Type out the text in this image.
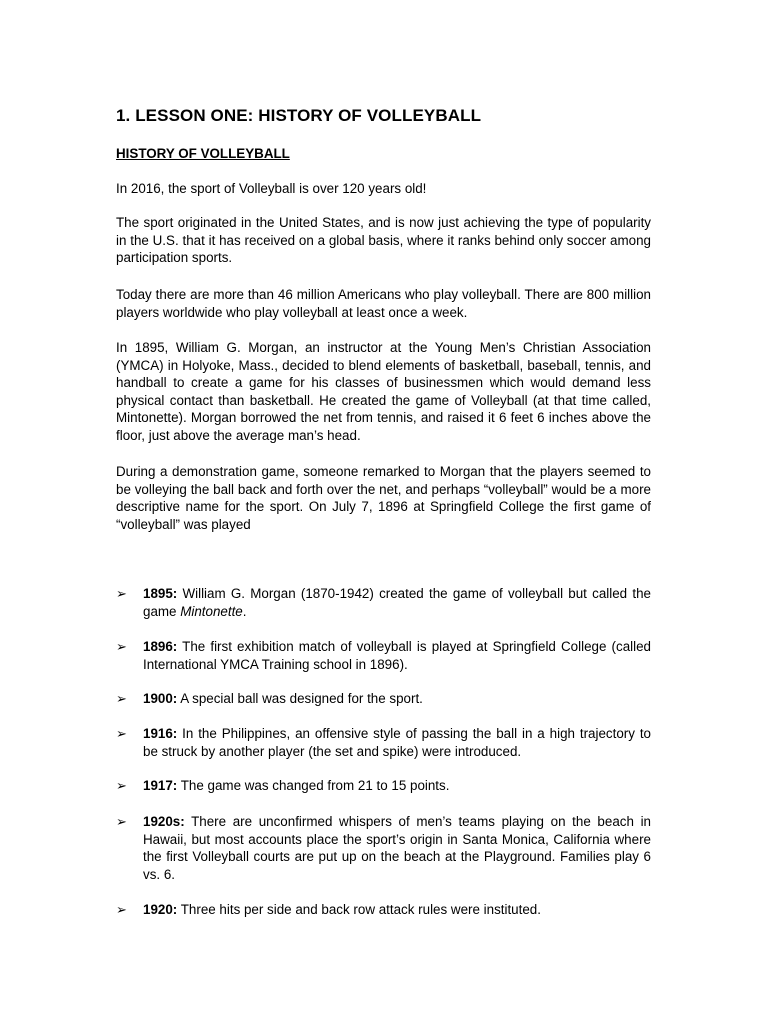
1. LESSON ONE: HISTORY OF VOLLEYBALL
HISTORY OF VOLLEYBALL

In 2016, the sport of Volleyball is over 120 years old!

The sport originated in the United States, and is now just achieving the type of popularity in the U.S. that it has received on a global basis, where it ranks behind only soccer among participation sports.

Today there are more than 46 million Americans who play volleyball. There are 800 million players worldwide who play volleyball at least once a week.

In 1895, William G. Morgan, an instructor at the Young Men’s Christian Association (YMCA) in Holyoke, Mass., decided to blend elements of basketball, baseball, tennis, and handball to create a game for his classes of businessmen which would demand less physical contact than basketball. He created the game of Volleyball (at that time called, Mintonette). Morgan borrowed the net from tennis, and raised it 6 feet 6 inches above the floor, just above the average man’s head.

During a demonstration game, someone remarked to Morgan that the players seemed to be volleying the ball back and forth over the net, and perhaps “volleyball” would be a more descriptive name for the sport. On July 7, 1896 at Springfield College the first game of “volleyball” was played

➢ 1895: William G. Morgan (1870-1942) created the game of volleyball but called the game Mintonette.

➢ 1896: The first exhibition match of volleyball is played at Springfield College (called International YMCA Training school in 1896).

➢ 1900: A special ball was designed for the sport.

➢ 1916: In the Philippines, an offensive style of passing the ball in a high trajectory to be struck by another player (the set and spike) were introduced.

➢ 1917: The game was changed from 21 to 15 points.

➢ 1920s: There are unconfirmed whispers of men’s teams playing on the beach in Hawaii, but most accounts place the sport’s origin in Santa Monica, California where the first Volleyball courts are put up on the beach at the Playground. Families play 6 vs. 6.

➢ 1920: Three hits per side and back row attack rules were instituted.
